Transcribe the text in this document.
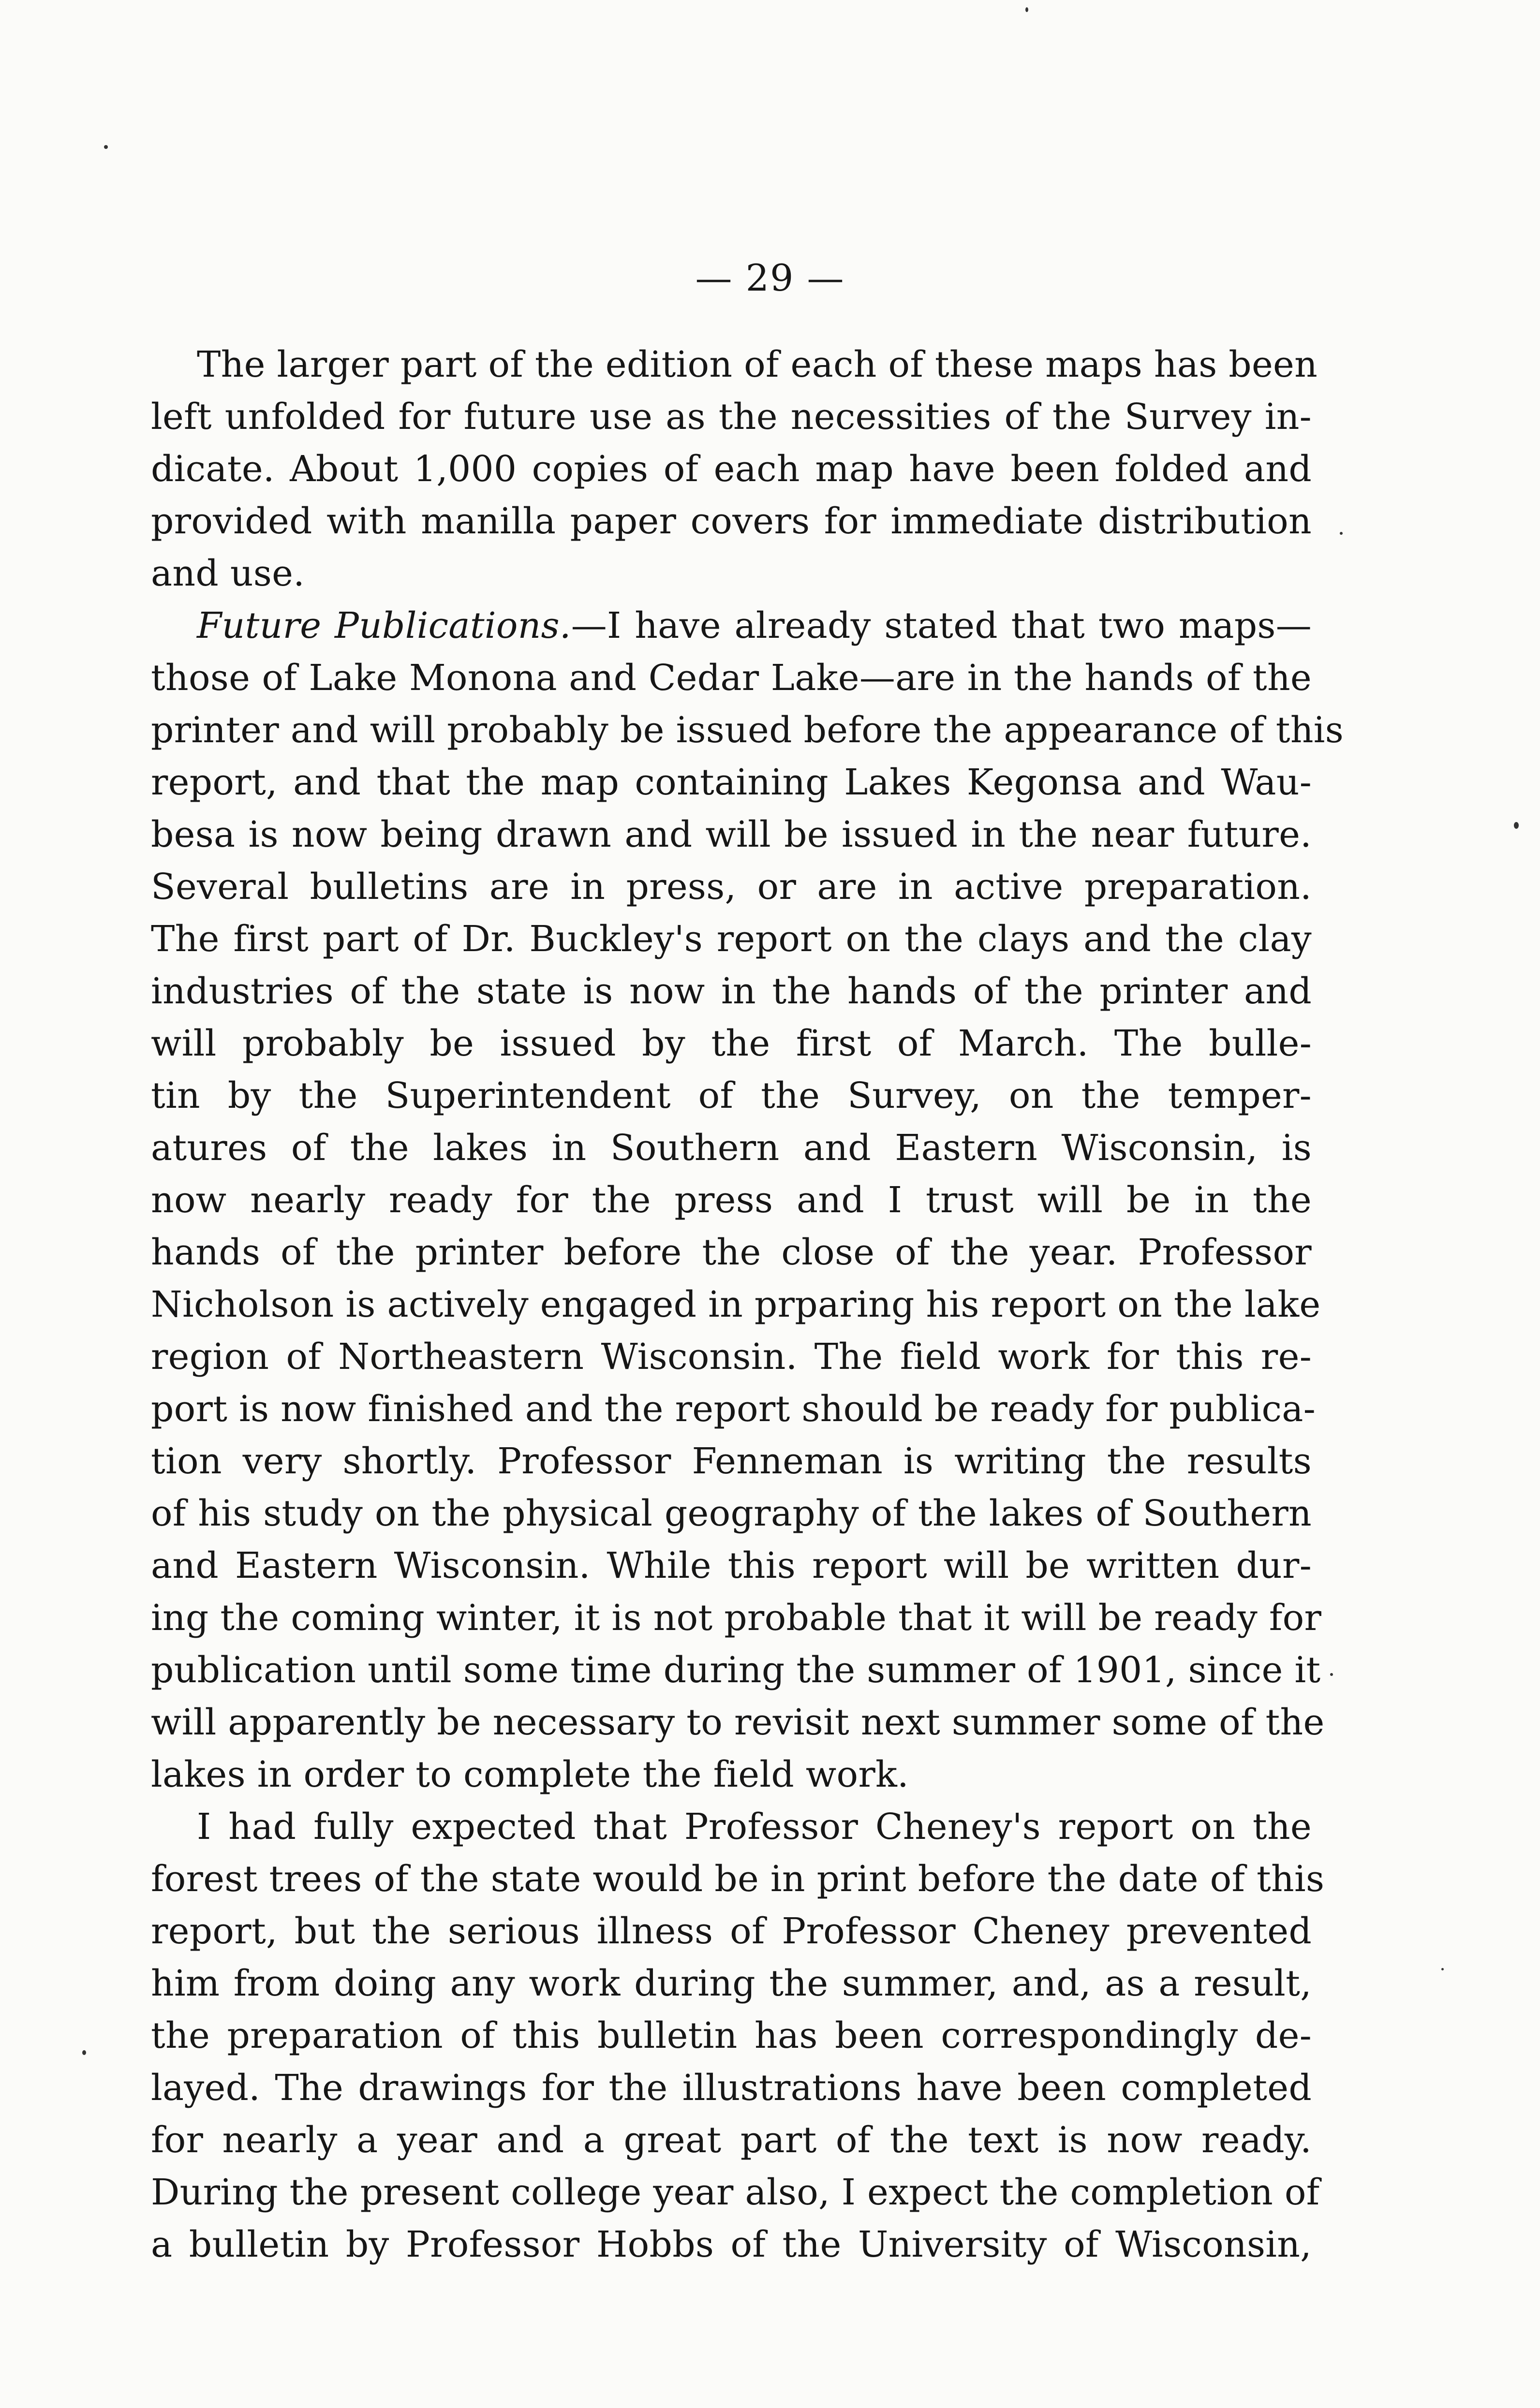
— 29 —
The larger part of the edition of each of these maps has been
left unfolded for future use as the necessities of the Survey in-
dicate. About 1,000 copies of each map have been folded and
provided with manilla paper covers for immediate distribution
and use.
Future Publications.—I have already stated that two maps—
those of Lake Monona and Cedar Lake—are in the hands of the
printer and will probably be issued before the appearance of this
report, and that the map containing Lakes Kegonsa and Wau-
besa is now being drawn and will be issued in the near future.
Several bulletins are in press, or are in active preparation.
The first part of Dr. Buckley's report on the clays and the clay
industries of the state is now in the hands of the printer and
will probably be issued by the first of March. The bulle-
tin by the Superintendent of the Survey, on the temper-
atures of the lakes in Southern and Eastern Wisconsin, is
now nearly ready for the press and I trust will be in the
hands of the printer before the close of the year. Professor
Nicholson is actively engaged in prparing his report on the lake
region of Northeastern Wisconsin. The field work for this re-
port is now finished and the report should be ready for publica-
tion very shortly. Professor Fenneman is writing the results
of his study on the physical geography of the lakes of Southern
and Eastern Wisconsin. While this report will be written dur-
ing the coming winter, it is not probable that it will be ready for
publication until some time during the summer of 1901, since it
will apparently be necessary to revisit next summer some of the
lakes in order to complete the field work.
I had fully expected that Professor Cheney's report on the
forest trees of the state would be in print before the date of this
report, but the serious illness of Professor Cheney prevented
him from doing any work during the summer, and, as a result,
the preparation of this bulletin has been correspondingly de-
layed. The drawings for the illustrations have been completed
for nearly a year and a great part of the text is now ready.
During the present college year also, I expect the completion of
a bulletin by Professor Hobbs of the University of Wisconsin,
